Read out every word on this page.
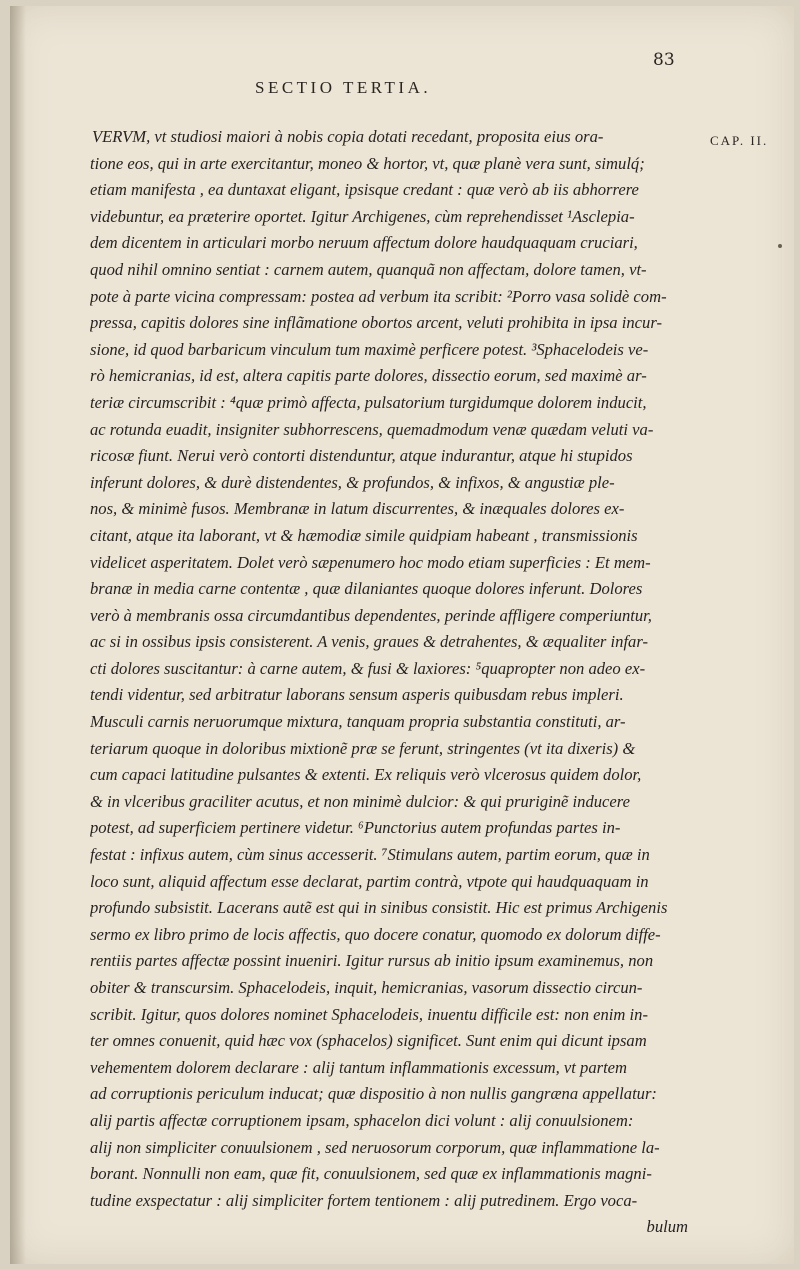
83
SECTIO TERTIA.
CAP. II.
VERVM, vt studiosi maiori à nobis copia dotati recedant, proposita eius ora-
tione eos, qui in arte exercitantur, moneo & hortor, vt, quæ planè vera sunt, simulq́;
etiam manifesta , ea duntaxat eligant, ipsisque credant : quæ verò ab iis abhorrere
videbuntur, ea præterire oportet. Igitur Archigenes, cùm reprehendisset ¹Asclepia-
dem dicentem in articulari morbo neruum affectum dolore haudquaquam cruciari,
quod nihil omnino sentiat : carnem autem, quanquã non affectam, dolore tamen, vt-
pote à parte vicina compressam: postea ad verbum ita scribit: ²Porro vasa solidè com-
pressa, capitis dolores sine inflãmatione obortos arcent, veluti prohibita in ipsa incur-
sione, id quod barbaricum vinculum tum maximè perficere potest. ³Sphacelodeis ve-
rò hemicranias, id est, altera capitis parte dolores, dissectio eorum, sed maximè ar-
teriæ circumscribit : ⁴quæ primò affecta, pulsatorium turgidumque dolorem inducit,
ac rotunda euadit, insigniter subhorrescens, quemadmodum venæ quædam veluti va-
ricosæ fiunt. Nerui verò contorti distenduntur, atque indurantur, atque hi stupidos
inferunt dolores, & durè distendentes, & profundos, & infixos, & angustiæ ple-
nos, & minimè fusos. Membranæ in latum discurrentes, & inæquales dolores ex-
citant, atque ita laborant, vt & hæmodiæ simile quidpiam habeant , transmissionis
videlicet asperitatem. Dolet verò sæpenumero hoc modo etiam superficies : Et mem-
branæ in media carne contentæ , quæ dilaniantes quoque dolores inferunt. Dolores
verò à membranis ossa circumdantibus dependentes, perinde affligere comperiuntur,
ac si in ossibus ipsis consisterent. A venis, graues & detrahentes, & æqualiter infar-
cti dolores suscitantur: à carne autem, & fusi & laxiores: ⁵quapropter non adeo ex-
tendi videntur, sed arbitratur laborans sensum asperis quibusdam rebus impleri.
Musculi carnis neruorumque mixtura, tanquam propria substantia constituti, ar-
teriarum quoque in doloribus mixtionẽ præ se ferunt, stringentes (vt ita dixeris) &
cum capaci latitudine pulsantes & extenti. Ex reliquis verò vlcerosus quidem dolor,
& in vlceribus graciliter acutus, et non minimè dulcior: & qui pruriginẽ inducere
potest, ad superficiem pertinere videtur. ⁶Punctorius autem profundas partes in-
festat : infixus autem, cùm sinus accesserit. ⁷Stimulans autem, partim eorum, quæ in
loco sunt, aliquid affectum esse declarat, partim contrà, vtpote qui haudquaquam in
profundo subsistit. Lacerans autẽ est qui in sinibus consistit. Hic est primus Archigenis
sermo ex libro primo de locis affectis, quo docere conatur, quomodo ex dolorum diffe-
rentiis partes affectæ possint inueniri. Igitur rursus ab initio ipsum examinemus, non
obiter & transcursim. Sphacelodeis, inquit, hemicranias, vasorum dissectio circun-
scribit. Igitur, quos dolores nominet Sphacelodeis, inuentu difficile est: non enim in-
ter omnes conuenit, quid hæc vox (sphacelos) significet. Sunt enim qui dicunt ipsam
vehementem dolorem declarare : alij tantum inflammationis excessum, vt partem
ad corruptionis periculum inducat; quæ dispositio à non nullis gangræna appellatur:
alij partis affectæ corruptionem ipsam, sphacelon dici volunt : alij conuulsionem:
alij non simpliciter conuulsionem , sed neruosorum corporum, quæ inflammatione la-
borant. Nonnulli non eam, quæ fit, conuulsionem, sed quæ ex inflammationis magni-
tudine exspectatur : alij simpliciter fortem tentionem : alij putredinem. Ergo voca-
bulum
